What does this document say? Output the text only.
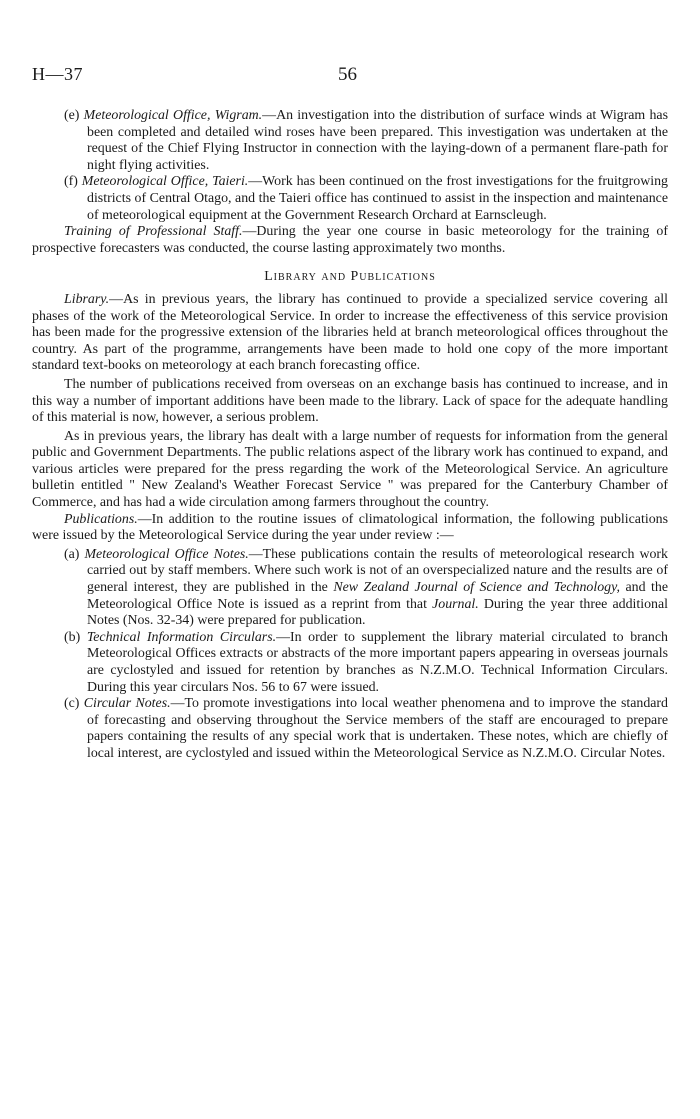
H—37	56

(e) Meteorological Office, Wigram.—An investigation into the distribution of surface winds at Wigram has been completed and detailed wind roses have been prepared. This investigation was undertaken at the request of the Chief Flying Instructor in connection with the laying-down of a permanent flare-path for night flying activities.

(f) Meteorological Office, Taieri.—Work has been continued on the frost investigations for the fruitgrowing districts of Central Otago, and the Taieri office has continued to assist in the inspection and maintenance of meteorological equipment at the Government Research Orchard at Earnscleugh.

Training of Professional Staff.—During the year one course in basic meteorology for the training of prospective forecasters was conducted, the course lasting approximately two months.

Library and Publications

Library.—As in previous years, the library has continued to provide a specialized service covering all phases of the work of the Meteorological Service. In order to increase the effectiveness of this service provision has been made for the progressive extension of the libraries held at branch meteorological offices throughout the country. As part of the programme, arrangements have been made to hold one copy of the more important standard text-books on meteorology at each branch forecasting office.

The number of publications received from overseas on an exchange basis has continued to increase, and in this way a number of important additions have been made to the library. Lack of space for the adequate handling of this material is now, however, a serious problem.

As in previous years, the library has dealt with a large number of requests for information from the general public and Government Departments. The public relations aspect of the library work has continued to expand, and various articles were prepared for the press regarding the work of the Meteorological Service. An agriculture bulletin entitled " New Zealand's Weather Forecast Service " was prepared for the Canterbury Chamber of Commerce, and has had a wide circulation among farmers throughout the country.

Publications.—In addition to the routine issues of climatological information, the following publications were issued by the Meteorological Service during the year under review :—

(a) Meteorological Office Notes.—These publications contain the results of meteorological research work carried out by staff members. Where such work is not of an overspecialized nature and the results are of general interest, they are published in the New Zealand Journal of Science and Technology, and the Meteorological Office Note is issued as a reprint from that Journal. During the year three additional Notes (Nos. 32-34) were prepared for publication.

(b) Technical Information Circulars.—In order to supplement the library material circulated to branch Meteorological Offices extracts or abstracts of the more important papers appearing in overseas journals are cyclostyled and issued for retention by branches as N.Z.M.O. Technical Information Circulars. During this year circulars Nos. 56 to 67 were issued.

(c) Circular Notes.—To promote investigations into local weather phenomena and to improve the standard of forecasting and observing throughout the Service members of the staff are encouraged to prepare papers containing the results of any special work that is undertaken. These notes, which are chiefly of local interest, are cyclostyled and issued within the Meteorological Service as N.Z.M.O. Circular Notes.
